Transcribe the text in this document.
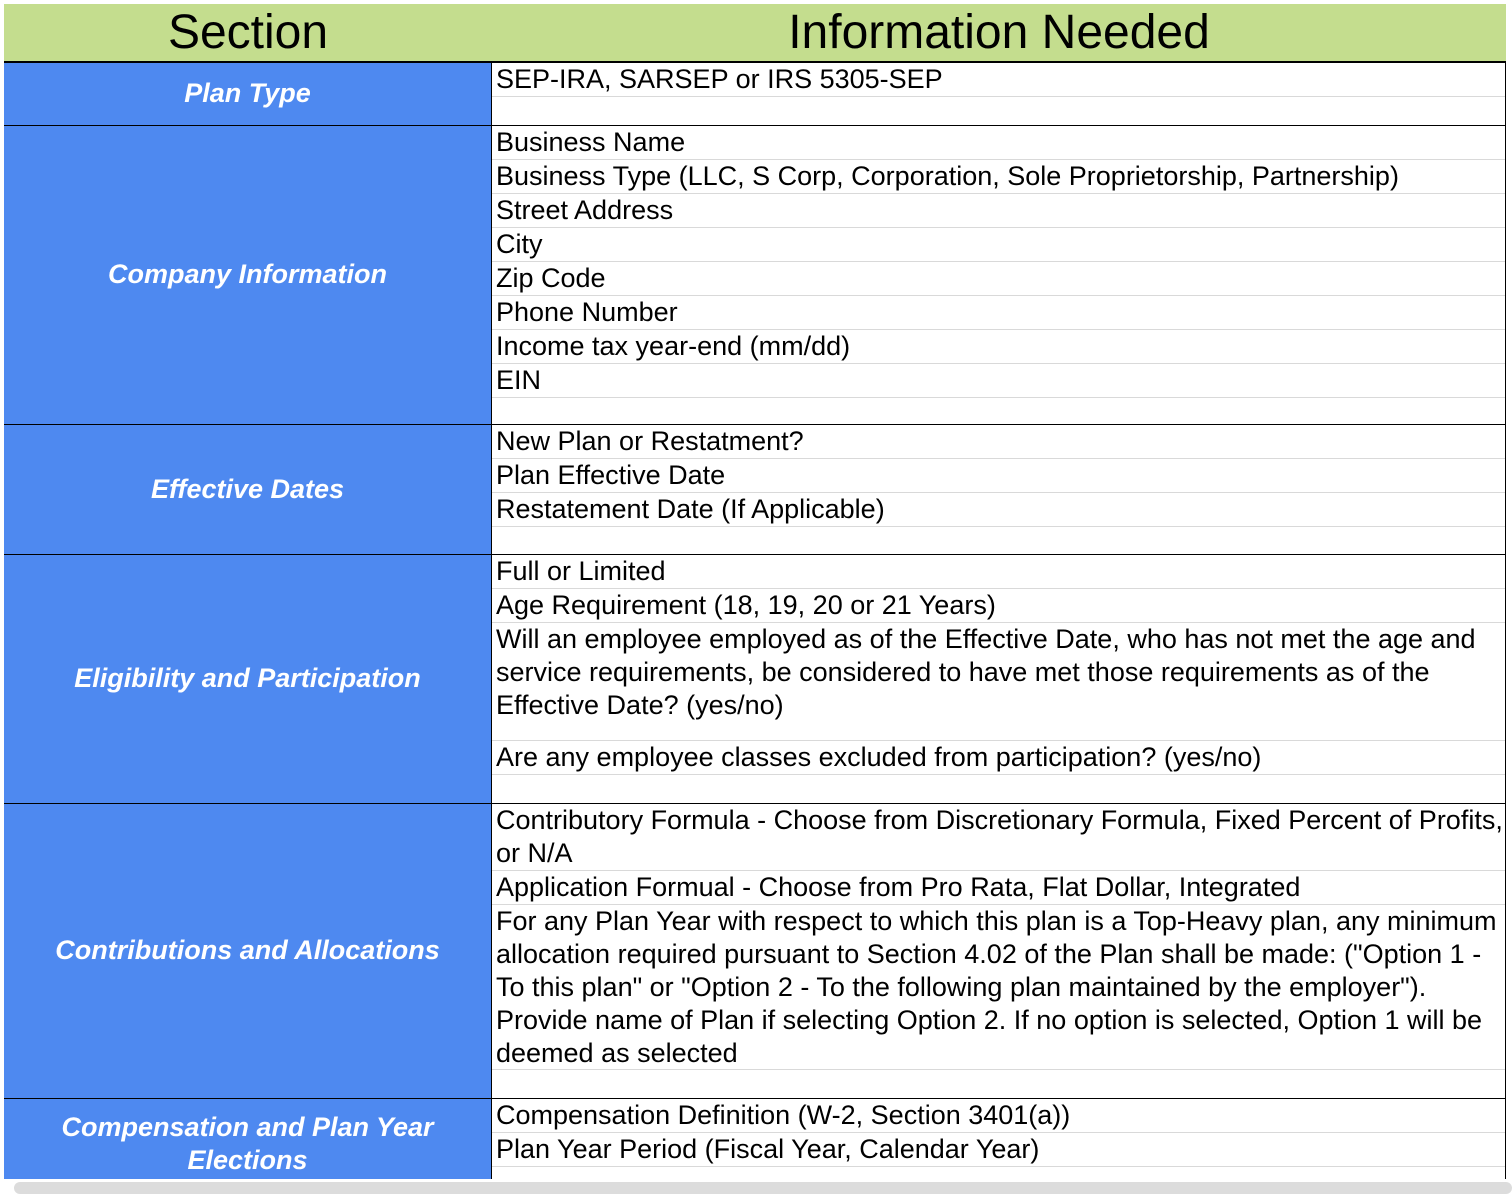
Section	Information Needed
Plan Type	SEP-IRA, SARSEP or IRS 5305-SEP
Company Information
Business Name
Business Type (LLC, S Corp, Corporation, Sole Proprietorship, Partnership)
Street Address
City
Zip Code
Phone Number
Income tax year-end (mm/dd)
EIN
Effective Dates
New Plan or Restatment?
Plan Effective Date
Restatement Date (If Applicable)
Eligibility and Participation
Full or Limited
Age Requirement (18, 19, 20 or 21 Years)
Will an employee employed as of the Effective Date, who has not met the age and service requirements, be considered to have met those requirements as of the Effective Date? (yes/no)
Are any employee classes excluded from participation? (yes/no)
Contributions and Allocations
Contributory Formula - Choose from Discretionary Formula, Fixed Percent of Profits, or N/A
Application Formual - Choose from Pro Rata, Flat Dollar, Integrated
For any Plan Year with respect to which this plan is a Top-Heavy plan, any minimum allocation required pursuant to Section 4.02 of the Plan shall be made: ("Option 1 - To this plan" or "Option 2 - To the following plan maintained by the employer"). Provide name of Plan if selecting Option 2. If no option is selected, Option 1 will be deemed as selected
Compensation and Plan Year Elections
Compensation Definition (W-2, Section 3401(a))
Plan Year Period (Fiscal Year, Calendar Year)
